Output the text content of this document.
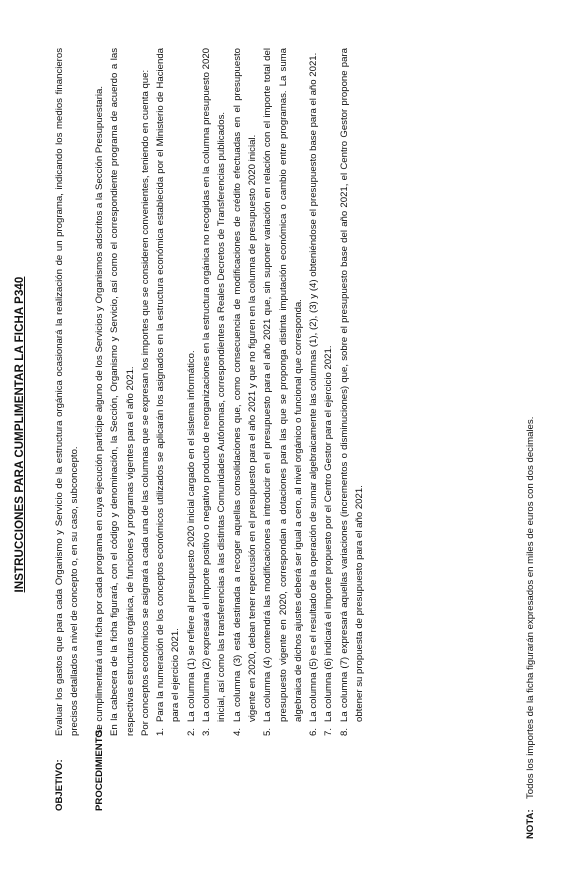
INSTRUCCIONES PARA CUMPLIMENTAR LA FICHA P340
OBJETIVO:
Evaluar los gastos que para cada Organismo y Servicio de la estructura orgánica ocasionará la realización de un programa, indicando los medios financieros precisos detallados a nivel de concepto o, en su caso, subconcepto.
PROCEDIMIENTO:

Se cumplimentará una ficha por cada programa en cuya ejecución participe alguno de los Servicios y Organismos adscritos a la Sección Presupuestaria. En la cabecera de la ficha figurará, con el código y denominación, la Sección, Organismo y Servicio, así como el correspondiente programa de acuerdo a las respectivas estructuras orgánica, de funciones y programas vigentes para el año 2021. Por conceptos económicos se asignará a cada una de las columnas que se expresan los importes que se consideren convenientes, teniendo en cuenta que: 1.
Para la numeración de los conceptos económicos utilizados se aplicarán los asignados en la estructura económica establecida por el Ministerio de Hacienda para el ejercicio 2021.
2.
La columna (1) se refiere al presupuesto 2020 inicial cargado en el sistema informático.
3.
La columna (2) expresará el importe positivo o negativo producto de reorganizaciones en la estructura orgánica no recogidas en la columna presupuesto 2020 inicial, así como las transferencias a las distintas Comunidades Autónomas, correspondientes a Reales Decretos de Transferencias publicados.
4.
La columna (3) está destinada a recoger aquellas consolidaciones que, como consecuencia de modificaciones de crédito efectuadas en el presupuesto vigente en 2020, deban tener repercusión en el presupuesto para el año 2021 y que no figuren en la columna de presupuesto 2020 inicial.
5.
La columna (4) contendrá las modificaciones a introducir en el presupuesto para el año 2021 que, sin suponer variación en relación con el importe total del presupuesto vigente en 2020, correspondan a dotaciones para las que se proponga distinta imputación económica o cambio entre programas. La suma algebraica de dichos ajustes deberá ser igual a cero, al nivel orgánico o funcional que corresponda.
6.
La columna (5) es el resultado de la operación de sumar algebraicamente las columnas (1), (2), (3) y (4) obteniéndose el presupuesto base para el año 2021.
7.
La columna (6) indicará el importe propuesto por el Centro Gestor para el ejercicio 2021.
8.
La columna (7) expresará aquellas variaciones (incrementos o disminuciones) que, sobre el presupuesto base del año 2021, el Centro Gestor propone para obtener su propuesta de presupuesto para el año 2021.
NOTA:
Todos los importes de la ficha figurarán expresados en miles de euros con dos decimales.
